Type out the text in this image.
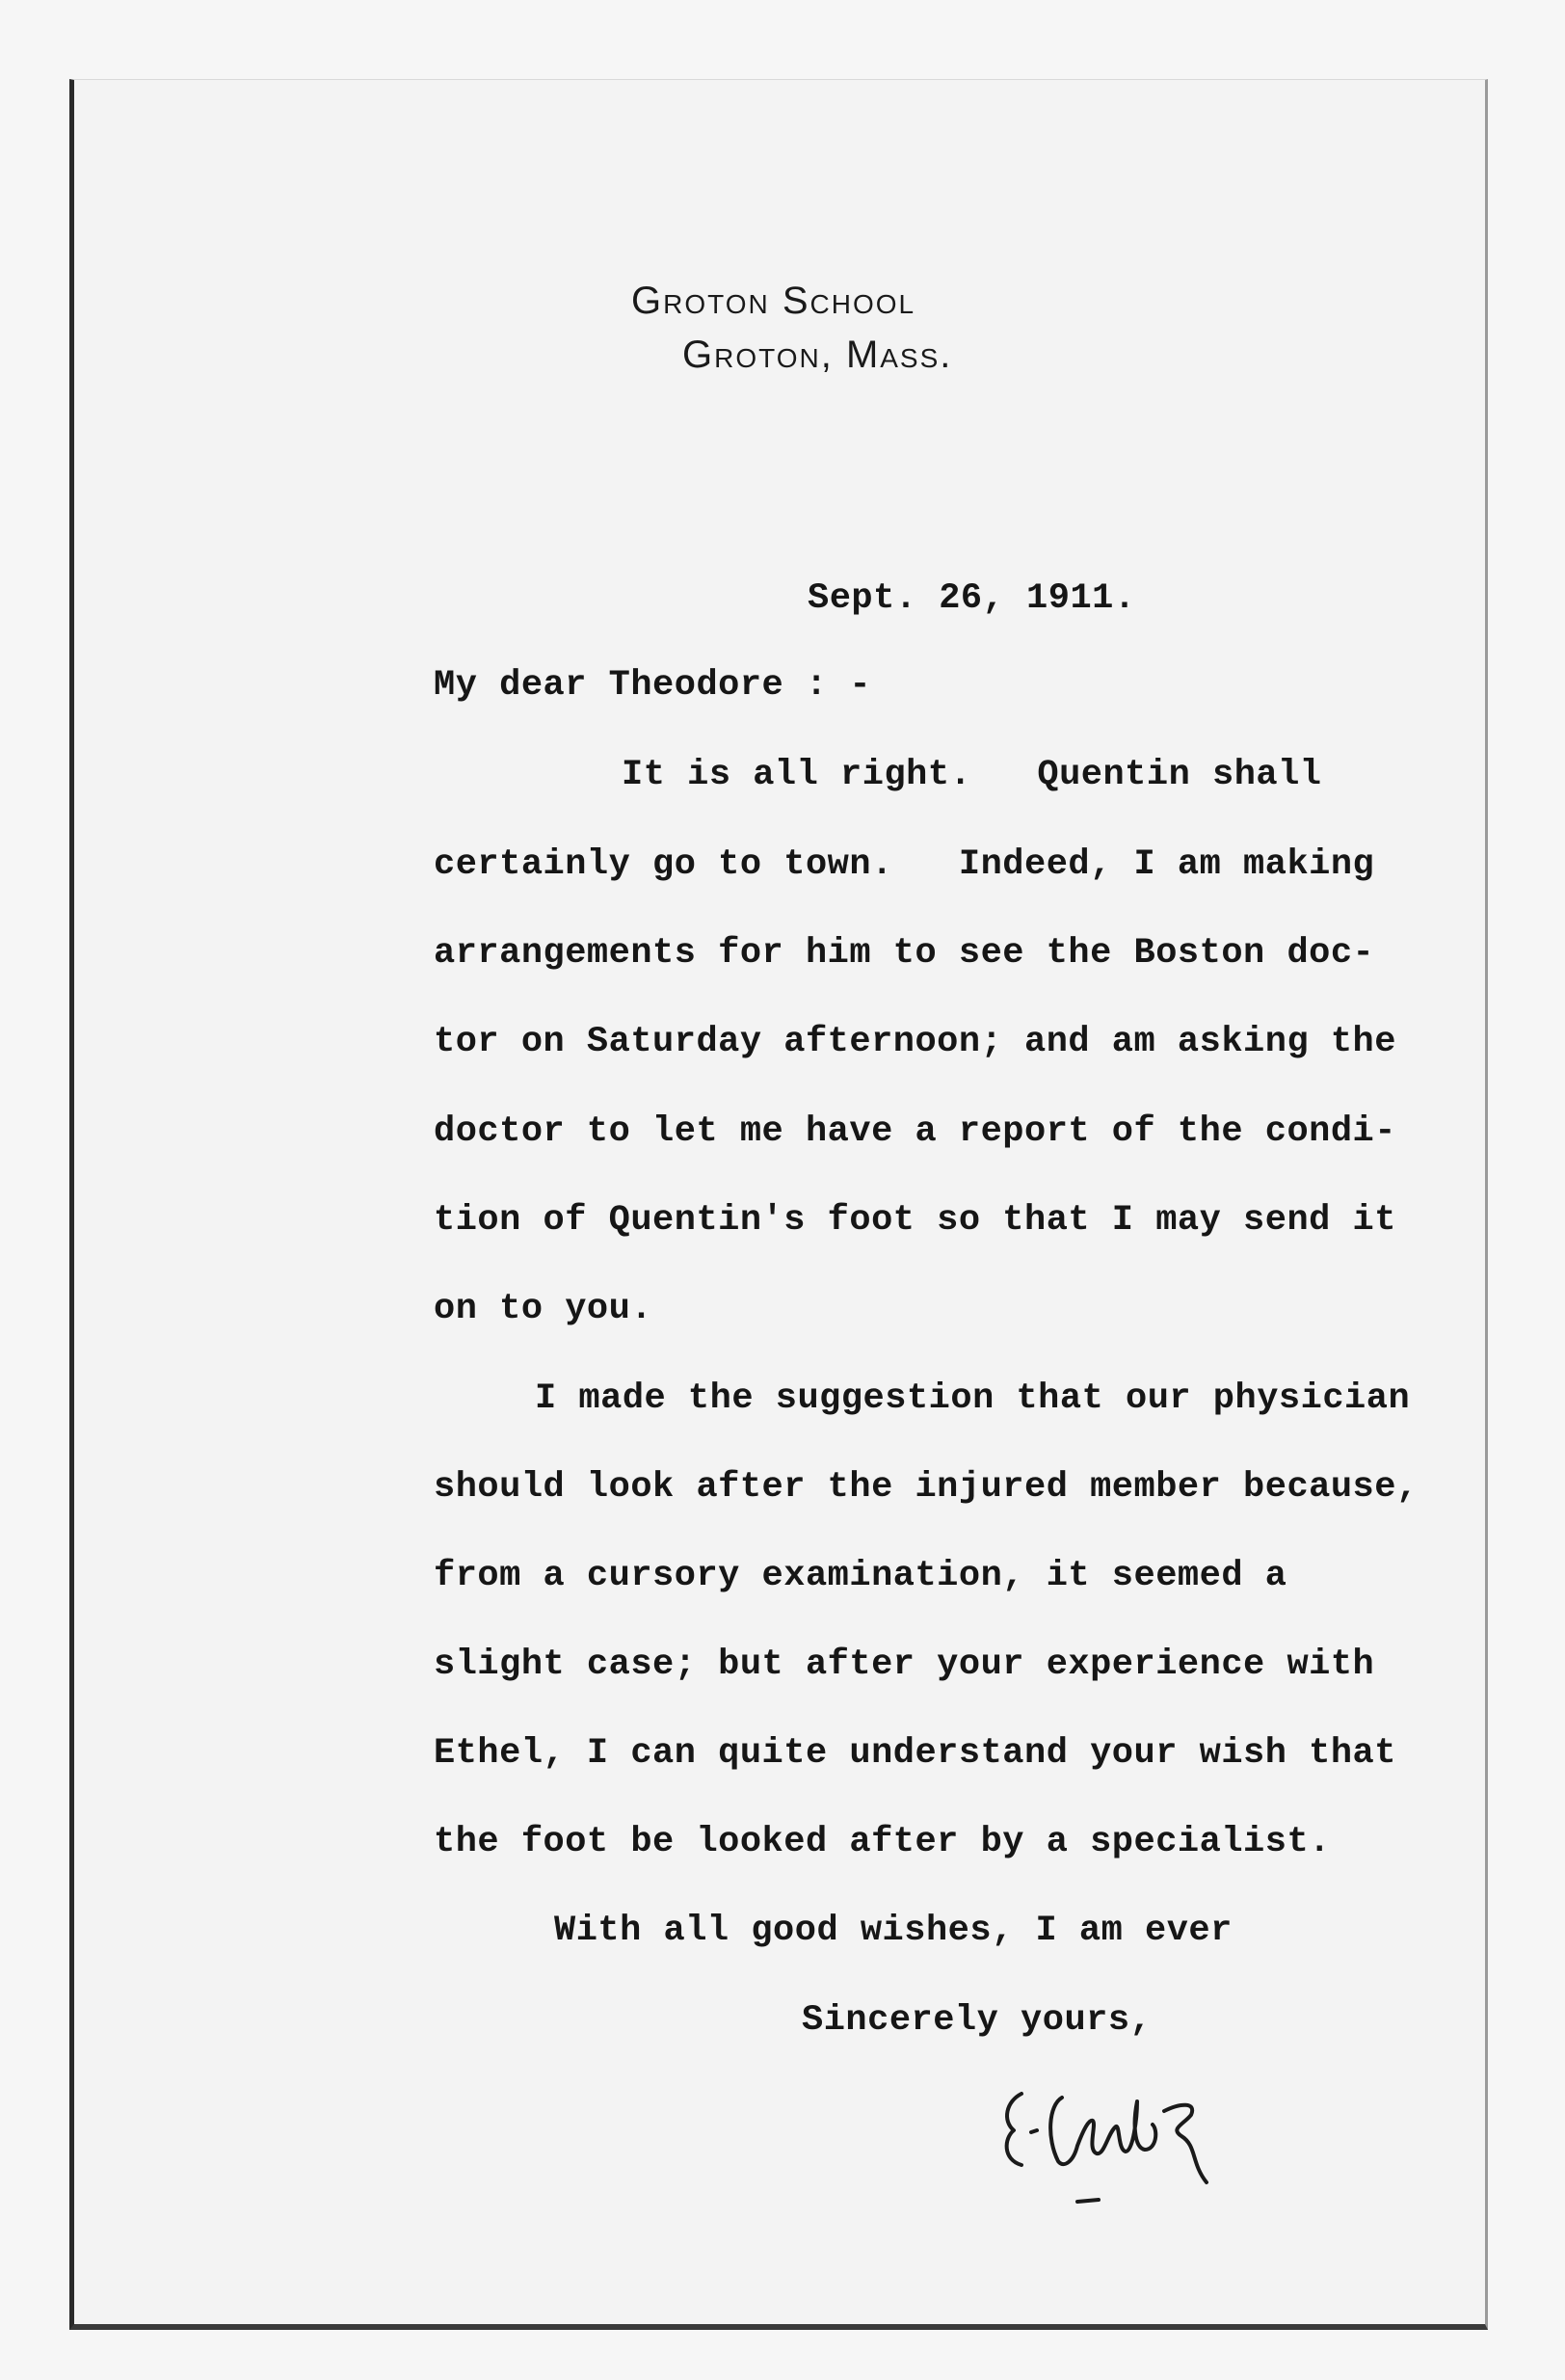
Groton School
Groton, Mass.
Sept. 26, 1911.
My dear Theodore : -
It is all right.   Quentin shall
certainly go to town.   Indeed, I am making
arrangements for him to see the Boston doc-
tor on Saturday afternoon; and am asking the
doctor to let me have a report of the condi-
tion of Quentin's foot so that I may send it
on to you.
I made the suggestion that our physician
should look after the injured member because,
from a cursory examination, it seemed a
slight case; but after your experience with
Ethel, I can quite understand your wish that
the foot be looked after by a specialist.
With all good wishes, I am ever
Sincerely yours,
